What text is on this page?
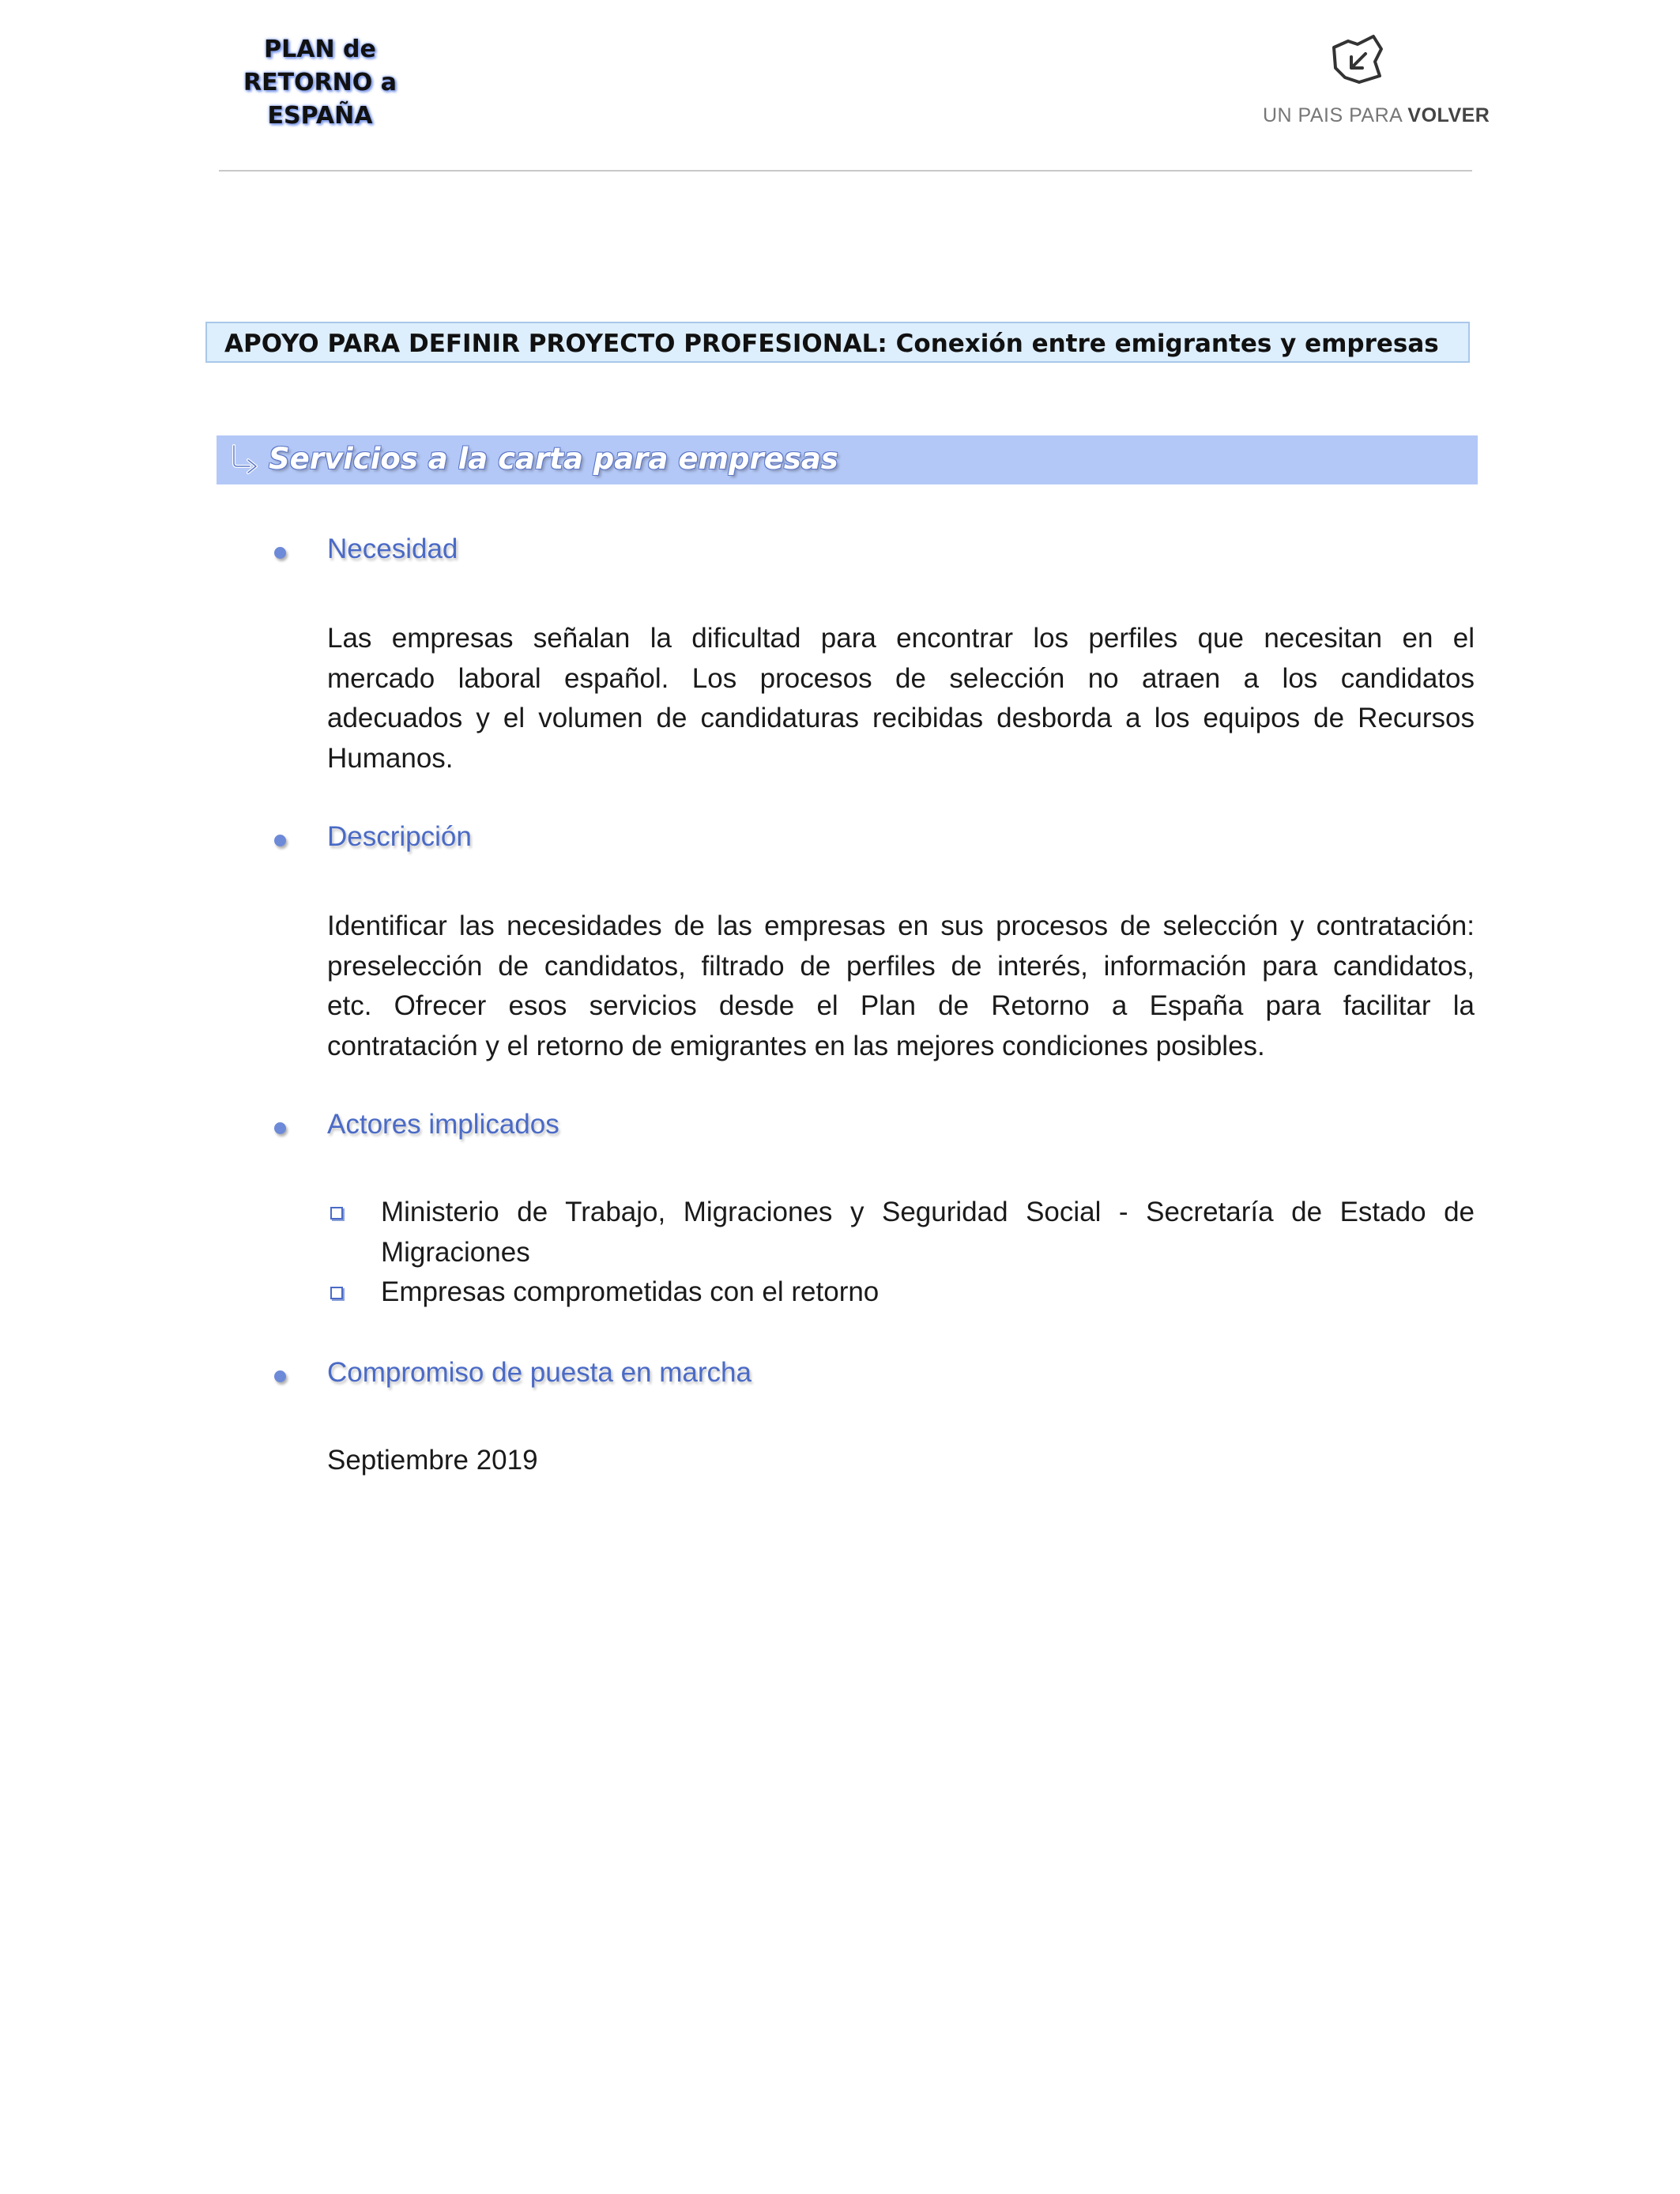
PLAN de
RETORNO a
ESPAÑA	UN PAIS PARA VOLVER
APOYO PARA DEFINIR PROYECTO PROFESIONAL: Conexión entre emigrantes y empresas
Servicios a la carta para empresas
Necesidad
Las empresas señalan la dificultad para encontrar los perfiles que necesitan en el
mercado laboral español. Los procesos de selección no atraen a los candidatos
adecuados y el volumen de candidaturas recibidas desborda a los equipos de Recursos
Humanos.
Descripción
Identificar las necesidades de las empresas en sus procesos de selección y contratación:
preselección de candidatos, filtrado de perfiles de interés, información para candidatos,
etc. Ofrecer esos servicios desde el Plan de Retorno a España para facilitar la
contratación y el retorno de emigrantes en las mejores condiciones posibles.
Actores implicados
Ministerio de Trabajo, Migraciones y Seguridad Social - Secretaría de Estado de
Migraciones
Empresas comprometidas con el retorno
Compromiso de puesta en marcha
Septiembre 2019
